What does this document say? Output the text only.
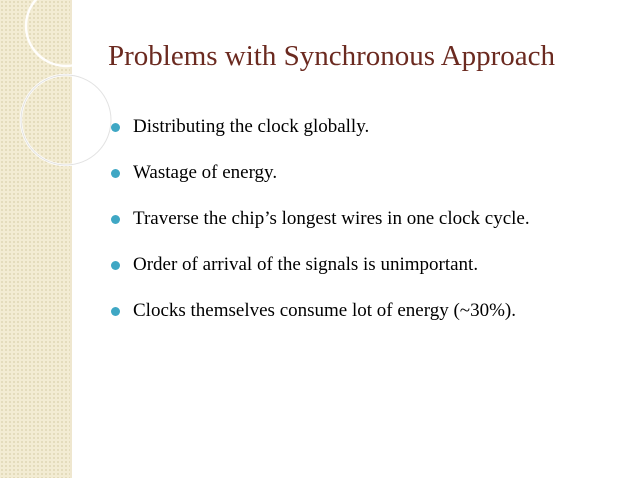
Problems with Synchronous Approach
Distributing the clock globally.
Wastage of energy.
Traverse the chip’s longest wires in one clock cycle.
Order of arrival of the signals is unimportant.
Clocks themselves consume lot of energy (~30%).
